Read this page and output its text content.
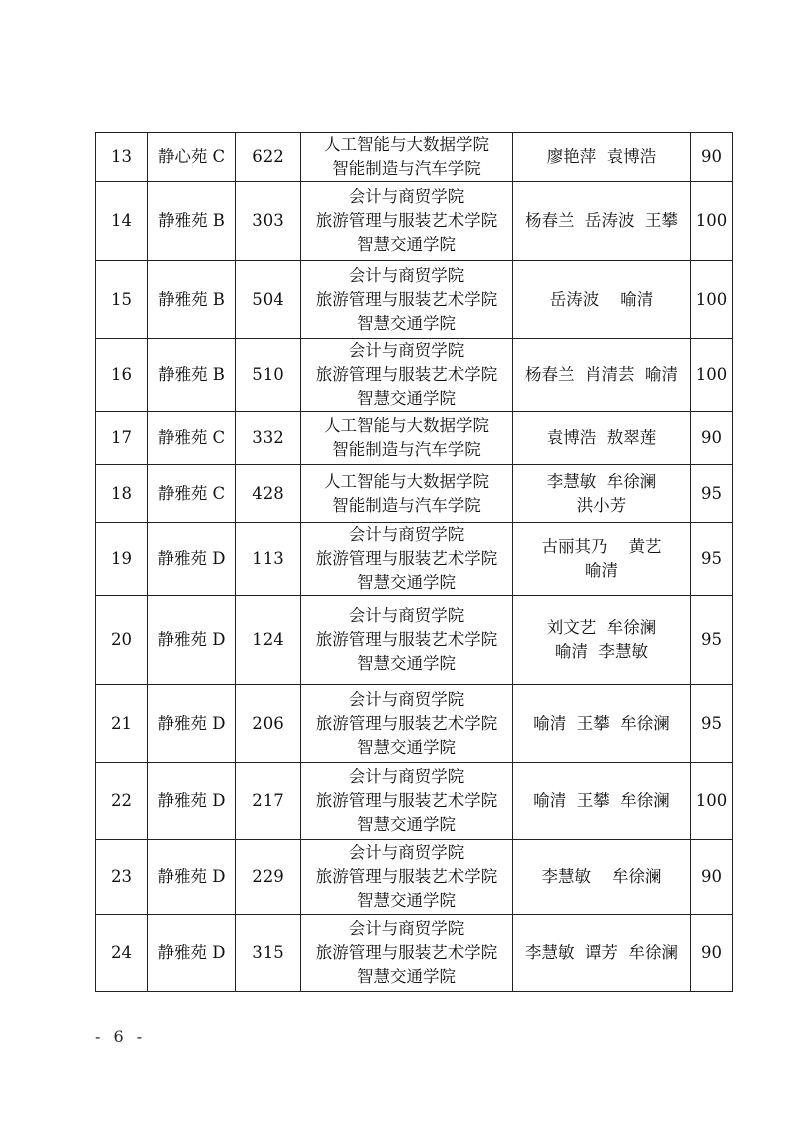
13	静心苑 C	622	人工智能与大数据学院
智能制造与汽车学院	廖艳萍  袁博浩	90
14	静雅苑 B	303	会计与商贸学院
旅游管理与服装艺术学院
智慧交通学院	杨春兰  岳涛波  王攀	100
15	静雅苑 B	504	会计与商贸学院
旅游管理与服装艺术学院
智慧交通学院	岳涛波    喻清	100
16	静雅苑 B	510	会计与商贸学院
旅游管理与服装艺术学院
智慧交通学院	杨春兰  肖清芸  喻清	100
17	静雅苑 C	332	人工智能与大数据学院
智能制造与汽车学院	袁博浩  敖翠莲	90
18	静雅苑 C	428	人工智能与大数据学院
智能制造与汽车学院	李慧敏  牟徐澜
洪小芳	95
19	静雅苑 D	113	会计与商贸学院
旅游管理与服装艺术学院
智慧交通学院	古丽其乃    黄艺
喻清	95
20	静雅苑 D	124	会计与商贸学院
旅游管理与服装艺术学院
智慧交通学院	刘文艺  牟徐澜
喻清  李慧敏	95
21	静雅苑 D	206	会计与商贸学院
旅游管理与服装艺术学院
智慧交通学院	喻清  王攀  牟徐澜	95
22	静雅苑 D	217	会计与商贸学院
旅游管理与服装艺术学院
智慧交通学院	喻清  王攀  牟徐澜	100
23	静雅苑 D	229	会计与商贸学院
旅游管理与服装艺术学院
智慧交通学院	李慧敏    牟徐澜	90
24	静雅苑 D	315	会计与商贸学院
旅游管理与服装艺术学院
智慧交通学院	李慧敏  谭芳  牟徐澜	90
- 6 -
